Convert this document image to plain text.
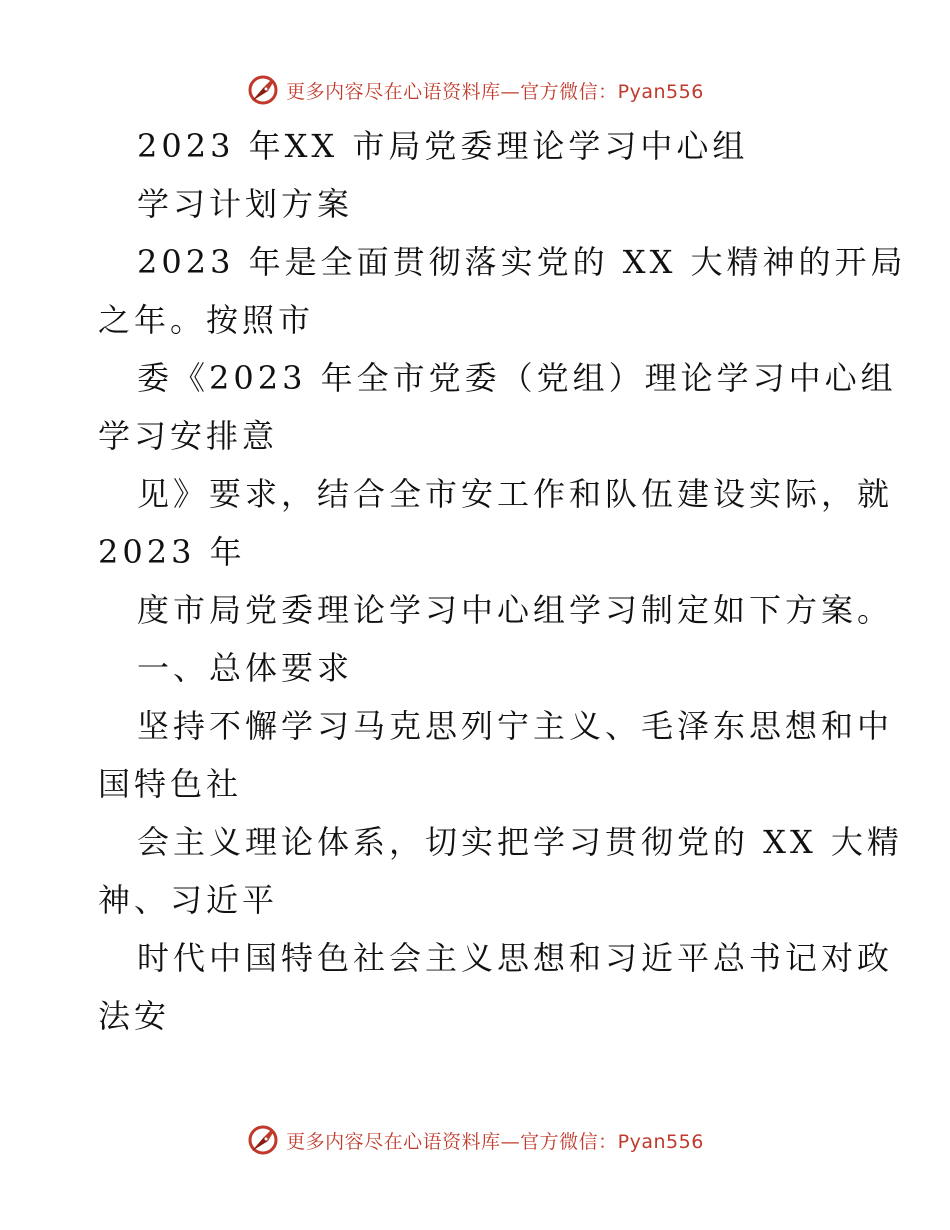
更多内容尽在心语资料库—官方微信：Pyan556
2023 年XX 市局党委理论学习中心组
学习计划方案
2023 年是全面贯彻落实党的 XX 大精神的开局
之年。按照市
委《2023 年全市党委（党组）理论学习中心组
学习安排意
见》要求，结合全市安工作和队伍建设实际，就
2023 年
度市局党委理论学习中心组学习制定如下方案。
一、总体要求
坚持不懈学习马克思列宁主义、毛泽东思想和中
国特色社
会主义理论体系，切实把学习贯彻党的 XX 大精
神、习近平
时代中国特色社会主义思想和习近平总书记对政
法安
更多内容尽在心语资料库—官方微信：Pyan556
